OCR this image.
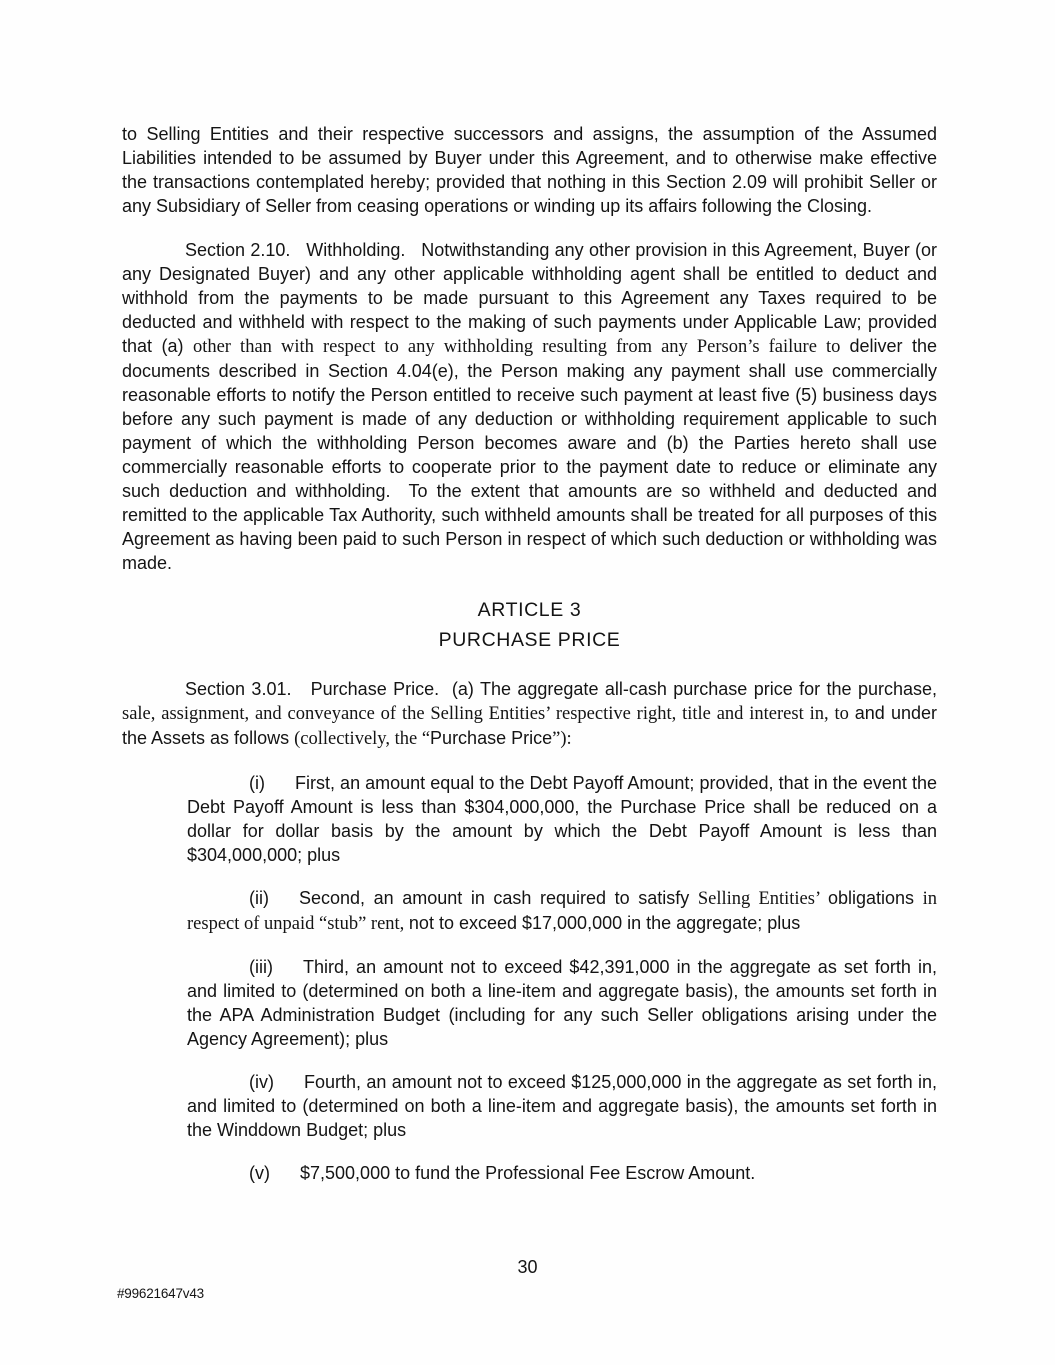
to Selling Entities and their respective successors and assigns, the assumption of the Assumed Liabilities intended to be assumed by Buyer under this Agreement, and to otherwise make effective the transactions contemplated hereby; provided that nothing in this Section 2.09 will prohibit Seller or any Subsidiary of Seller from ceasing operations or winding up its affairs following the Closing.

Section 2.10.   Withholding.   Notwithstanding any other provision in this Agreement, Buyer (or any Designated Buyer) and any other applicable withholding agent shall be entitled to deduct and withhold from the payments to be made pursuant to this Agreement any Taxes required to be deducted and withheld with respect to the making of such payments under Applicable Law; provided that (a) other than with respect to any withholding resulting from any Person’s failure to deliver the documents described in Section 4.04(e), the Person making any payment shall use commercially reasonable efforts to notify the Person entitled to receive such payment at least five (5) business days before any such payment is made of any deduction or withholding requirement applicable to such payment of which the withholding Person becomes aware and (b) the Parties hereto shall use commercially reasonable efforts to cooperate prior to the payment date to reduce or eliminate any such deduction and withholding.  To the extent that amounts are so withheld and deducted and remitted to the applicable Tax Authority, such withheld amounts shall be treated for all purposes of this Agreement as having been paid to such Person in respect of which such deduction or withholding was made.

ARTICLE 3
PURCHASE PRICE

Section 3.01.   Purchase Price.  (a) The aggregate all-cash purchase price for the purchase, sale, assignment, and conveyance of the Selling Entities’ respective right, title and interest in, to and under the Assets as follows (collectively, the “Purchase Price”):

(i) First, an amount equal to the Debt Payoff Amount; provided, that in the event the Debt Payoff Amount is less than $304,000,000, the Purchase Price shall be reduced on a dollar for dollar basis by the amount by which the Debt Payoff Amount is less than $304,000,000; plus

(ii) Second, an amount in cash required to satisfy Selling Entities’ obligations in respect of unpaid “stub” rent, not to exceed $17,000,000 in the aggregate; plus

(iii) Third, an amount not to exceed $42,391,000 in the aggregate as set forth in, and limited to (determined on both a line-item and aggregate basis), the amounts set forth in the APA Administration Budget (including for any such Seller obligations arising under the Agency Agreement); plus

(iv) Fourth, an amount not to exceed $125,000,000 in the aggregate as set forth in, and limited to (determined on both a line-item and aggregate basis), the amounts set forth in the Winddown Budget; plus

(v) $7,500,000 to fund the Professional Fee Escrow Amount.

30
#99621647v43
